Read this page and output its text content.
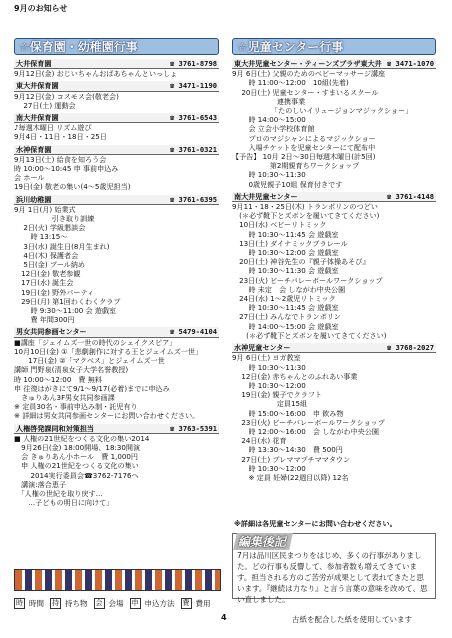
9月のお知らせ
☆保育園・幼稚園行事	☆児童センター行事
大井保育園	☎ 3761-8798
9月12日(金) おじいちゃんおばあちゃんといっしょ
東大井保育園	☎ 3471-1190
9月12日(金) コスモス会(敬老会)
　 27日(土) 運動会
南大井保育園	☎ 3761-6543
♪毎週木曜日 リズム遊び
9月4日・11日・18日・25日
水神保育園	☎ 3761-0321
9月13日(土) 給食を知ろう会
時 10:00〜10:45 申 事前申込み
会 ホール
19日(金) 敬老の集い(4〜5歳児担当)
浜川幼稚園	☎ 3761-6395
9月 1日(月) 始業式
　　　　　 引き取り訓練
　 2日(火) 学級懇談会
　　 時 13:15〜
　 3日(水) 誕生日(8月生まれ)
　 4日(木) 保護者会
　 5日(金) プール納め
　12日(金) 敬老参観
　17日(水) 誕生会
　19日(金) 野外パーティ
　29日(月) 第1回わくわくクラブ
　　 時 9:30〜11:00 会 遊戯室
　　 費 年間300円
男女共同参画センター	☎ 5479-4104
■講座「ジェイムズ一世の時代のシェイクスピア」
10月10日(金) ①「悲劇創作に対する王とジェイムズ一世」
　　17日(金) ②「マクベス」とジェイムズ一世
講師 門野泉(清泉女子大学名誉教授)
時 10:00〜12:00　費 無料
申 往復はがきにて9/1〜9/17(必着)までに申込み
　きゅりあん3F男女共同参画課
※ 定員30名・事前申込み制・託児有り
※ 詳細は男女共同参画センターにお問い合わせください。
人権啓発課同和対策担当	☎ 3763-5391
■ 人権の21世紀をつくる文化の集い2014
　9月26日(金) 18:00開場、18:30開演
　会 きゅりあん小ホール　費 1,000円
　申 人権の21世紀をつくる文化の集い
　　 2014実行委員会☎3762-7176へ
　講演:落合恵子
　「人権の世紀を取り戻す…
　　…子どもの明日に向けて」
東大井児童センター・ティーンズプラザ東大井 ☎ 3471-1070
9月 6日(土) 父親のためのベビーマッサージ講座
　　 時 11:00〜12:00　10組(先着)
　 20日(土) 児童センター・すまいるスクール
　　　　　　 連携事業
　　　　　　「たのしいイリュージョンマジックショー」
　　 時 14:00〜15:00
　　 会 立会小学校体育館
　　 プロのマジシャンによるマジックショー
　　 入場チケットを児童センターにて配布中
【予告】 10月 2日〜30日毎週木曜日(計5回)
　　　　　 第2期親育ちワークショップ
　　 時 10:30〜11:30
　　 0歳児親子10組 保育付きです
南大井児童センター	☎ 3761-4148
9月11・18・25日(木) トランポリンのつどい
　(＊必ず靴下とズボンを履いてきてください)
　10日(水) ベビーリトミック
　　 時 10:30〜11:45 会 遊戯室
　13日(土) ダイナミックブラレール
　　 時 10:30〜12:00 会 遊戯室
　20日(土) 神谷先生の『親子体操あそび』
　　 時 10:30〜11:30 会 遊戯室
　23日(火) ビーチバレーボールワークショップ
　　 時 未定　会 しながわ中央公園
　24日(水) 1〜2歳児リトミック
　　 時 10:30〜11:45 会 遊戯室
　27日(土) みんなでトランポリン
　　 時 14:00〜15:00 会 遊戯室
　　(＊必ず靴下とズボンを履いてきてください)
水神児童センター	☎ 3768-2027
9月 6日(土) ヨガ教室
　　 時 10:30〜11:30
　 12日(金) 赤ちゃんとのふれあい事業
　　 時 10:30〜12:00
　 19日(金) 親子でクラフト
　　　　　　 定員15組
　　 時 15:00〜16:00　申 飲み物
　 23日(火) ビーチバレーボールワークショップ
　　 時 12:00〜16:00　会 しながわ中央公園
　 24日(水) 花育
　　 時 13:30〜14:30　費 500円
　 27日(土) プレママプチママタウン
　　 時 10:30〜12:00
　　 ※ 定員 妊婦(22週目以降) 12名
※詳細は各児童センターにお問い合わせください。
編集後記
7月は品川区民まつりをはじめ、多くの行事がありました。どの行事も反響して、参加者数も増えてきています。担当される方のご苦労が成果として表れてきたと思います。『継続は力なり』と言う言葉の意味を改めて、思い直しました。
時 時間 持 持ち物 会 会場 申 申込方法 費 費用
4	古紙を配合した紙を使用しています
